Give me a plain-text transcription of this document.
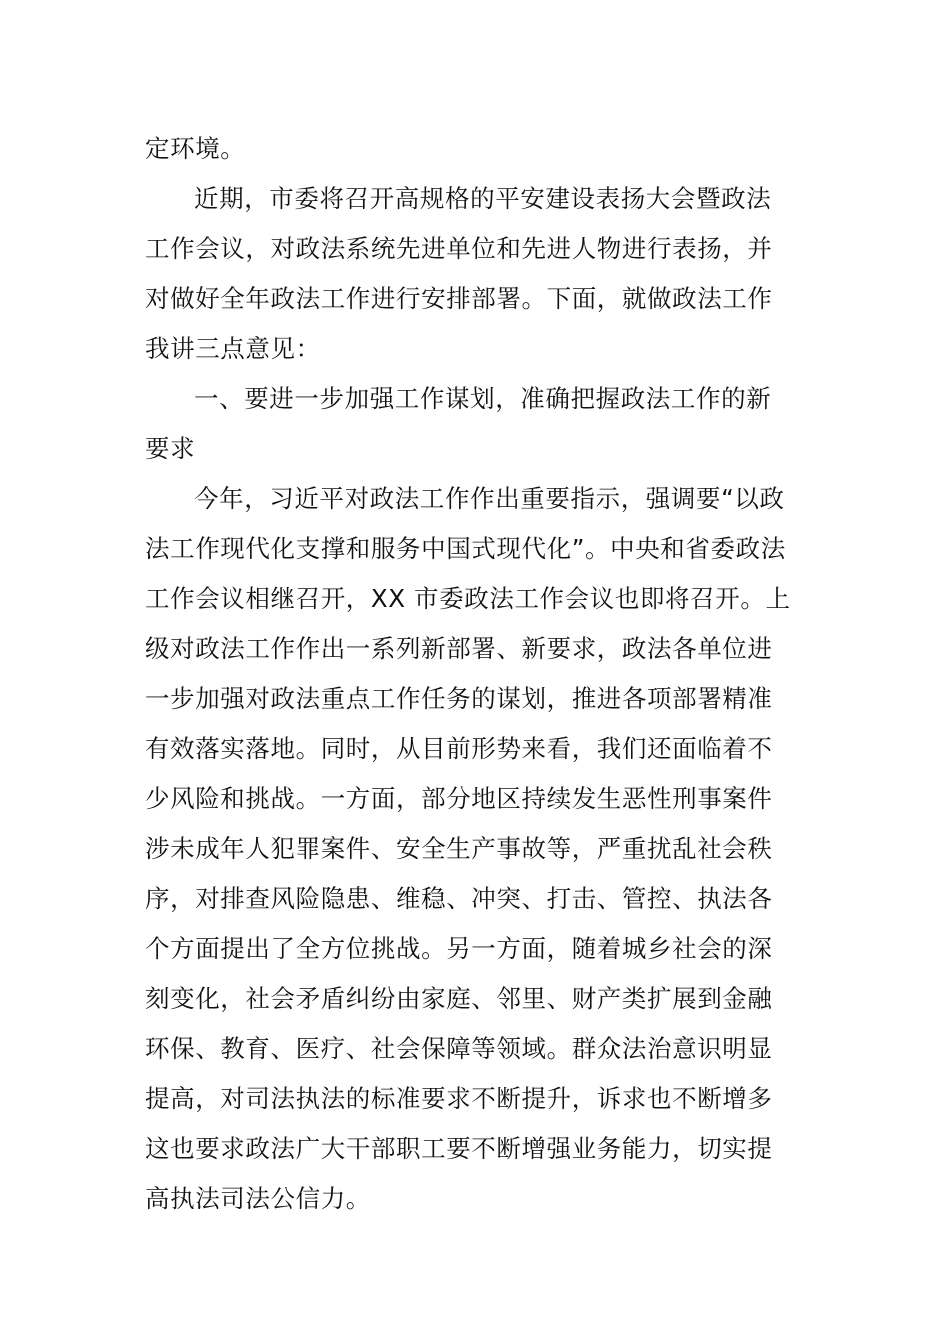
定环境。
近期，市委将召开高规格的平安建设表扬大会暨政法
工作会议，对政法系统先进单位和先进人物进行表扬，并
对做好全年政法工作进行安排部署。下面，就做政法工作
我讲三点意见：
一、要进一步加强工作谋划，准确把握政法工作的新
要求
今年，习近平对政法工作作出重要指示，强调要“以政
法工作现代化支撑和服务中国式现代化”。中央和省委政法
工作会议相继召开，XX 市委政法工作会议也即将召开。上
级对政法工作作出一系列新部署、新要求，政法各单位进
一步加强对政法重点工作任务的谋划，推进各项部署精准
有效落实落地。同时，从目前形势来看，我们还面临着不
少风险和挑战。一方面，部分地区持续发生恶性刑事案件
涉未成年人犯罪案件、安全生产事故等，严重扰乱社会秩
序，对排查风险隐患、维稳、冲突、打击、管控、执法各
个方面提出了全方位挑战。另一方面，随着城乡社会的深
刻变化，社会矛盾纠纷由家庭、邻里、财产类扩展到金融
环保、教育、医疗、社会保障等领域。群众法治意识明显
提高，对司法执法的标准要求不断提升，诉求也不断增多
这也要求政法广大干部职工要不断增强业务能力，切实提
高执法司法公信力。
